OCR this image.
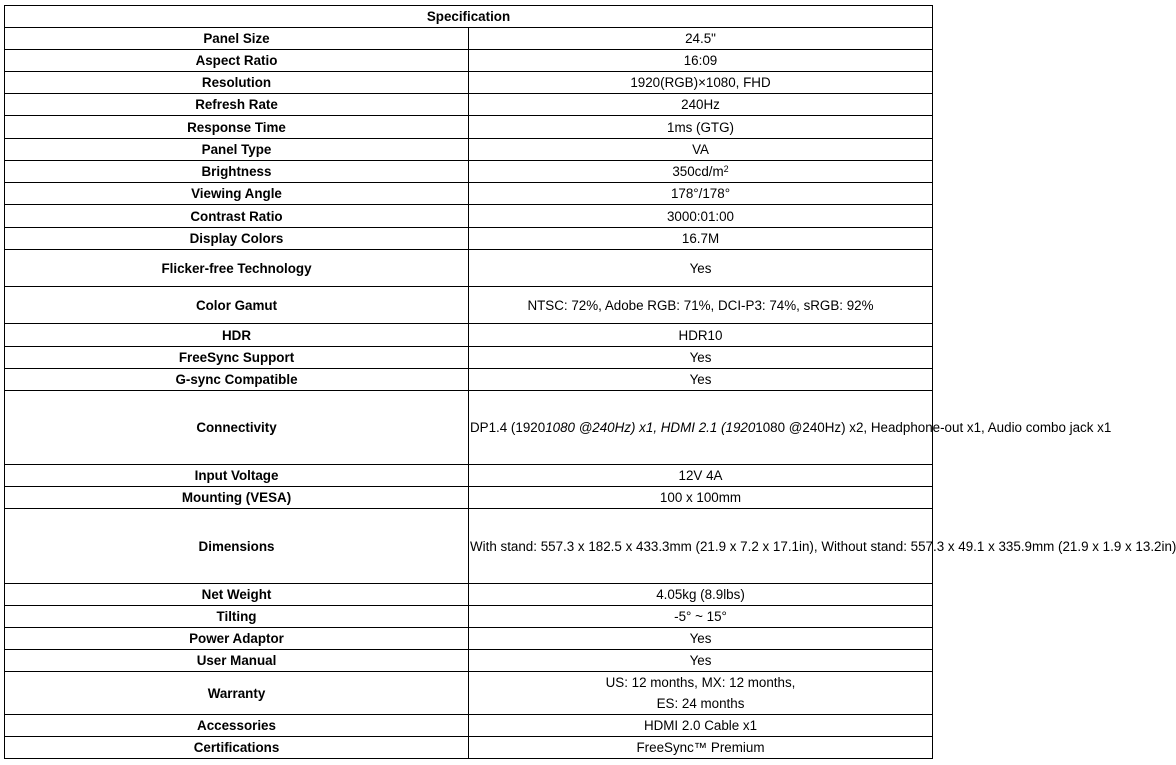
Specification	
Panel Size	24.5"
Aspect Ratio	16:09
Resolution	1920(RGB)×1080, FHD
Refresh Rate	240Hz
Response Time	1ms (GTG)
Panel Type	VA
Brightness	$350cd/m^2$
Viewing Angle	178°/178°
Contrast Ratio	3000:01:00
Display Colors	16.7M
Flicker-free Technology	Yes
Color Gamut	NTSC: 72%, Adobe RGB: 71%, DCI-P3: 74%, sRGB: 92%
HDR	HDR10
FreeSync Support	Yes
G-sync Compatible	Yes
Connectivity	DP1.4 (19201080 @240Hz) x1, HDMI 2.1 (19201080 @240Hz) x2, Headphone-out x1, Audio combo jack x1
Input Voltage	12V 4A
Mounting (VESA)	100 x 100mm
Dimensions	With stand: 557.3 x 182.5 x 433.3mm (21.9 x 7.2 x 17.1in), Without stand: 557.3 x 49.1 x 335.9mm (21.9 x 1.9 x 13.2in)
Net Weight	4.05kg (8.9lbs)
Tilting	-5° ~ 15°
Power Adaptor	Yes
User Manual	Yes
Warranty	US: 12 months, MX: 12 months,
ES: 24 months

Accessories	HDMI 2.0 Cable x1
Certifications	FreeSync™ Premium
